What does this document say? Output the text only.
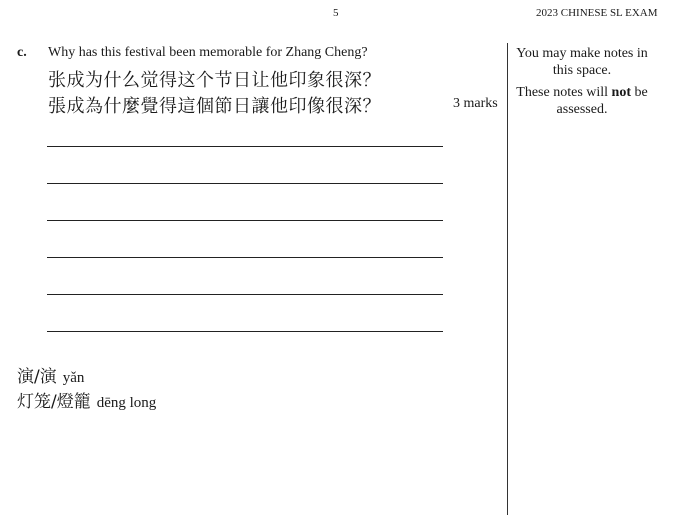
5	2023 CHINESE SL EXAM
c. Why has this festival been memorable for Zhang Cheng?
张成为什么觉得这个节日让他印象很深？
張成為什麼覺得這個節日讓他印像很深？	3 marks
You may make notes in this space.
These notes will not be assessed.
演/演 yǎn
灯笼/燈籠 dēng long
